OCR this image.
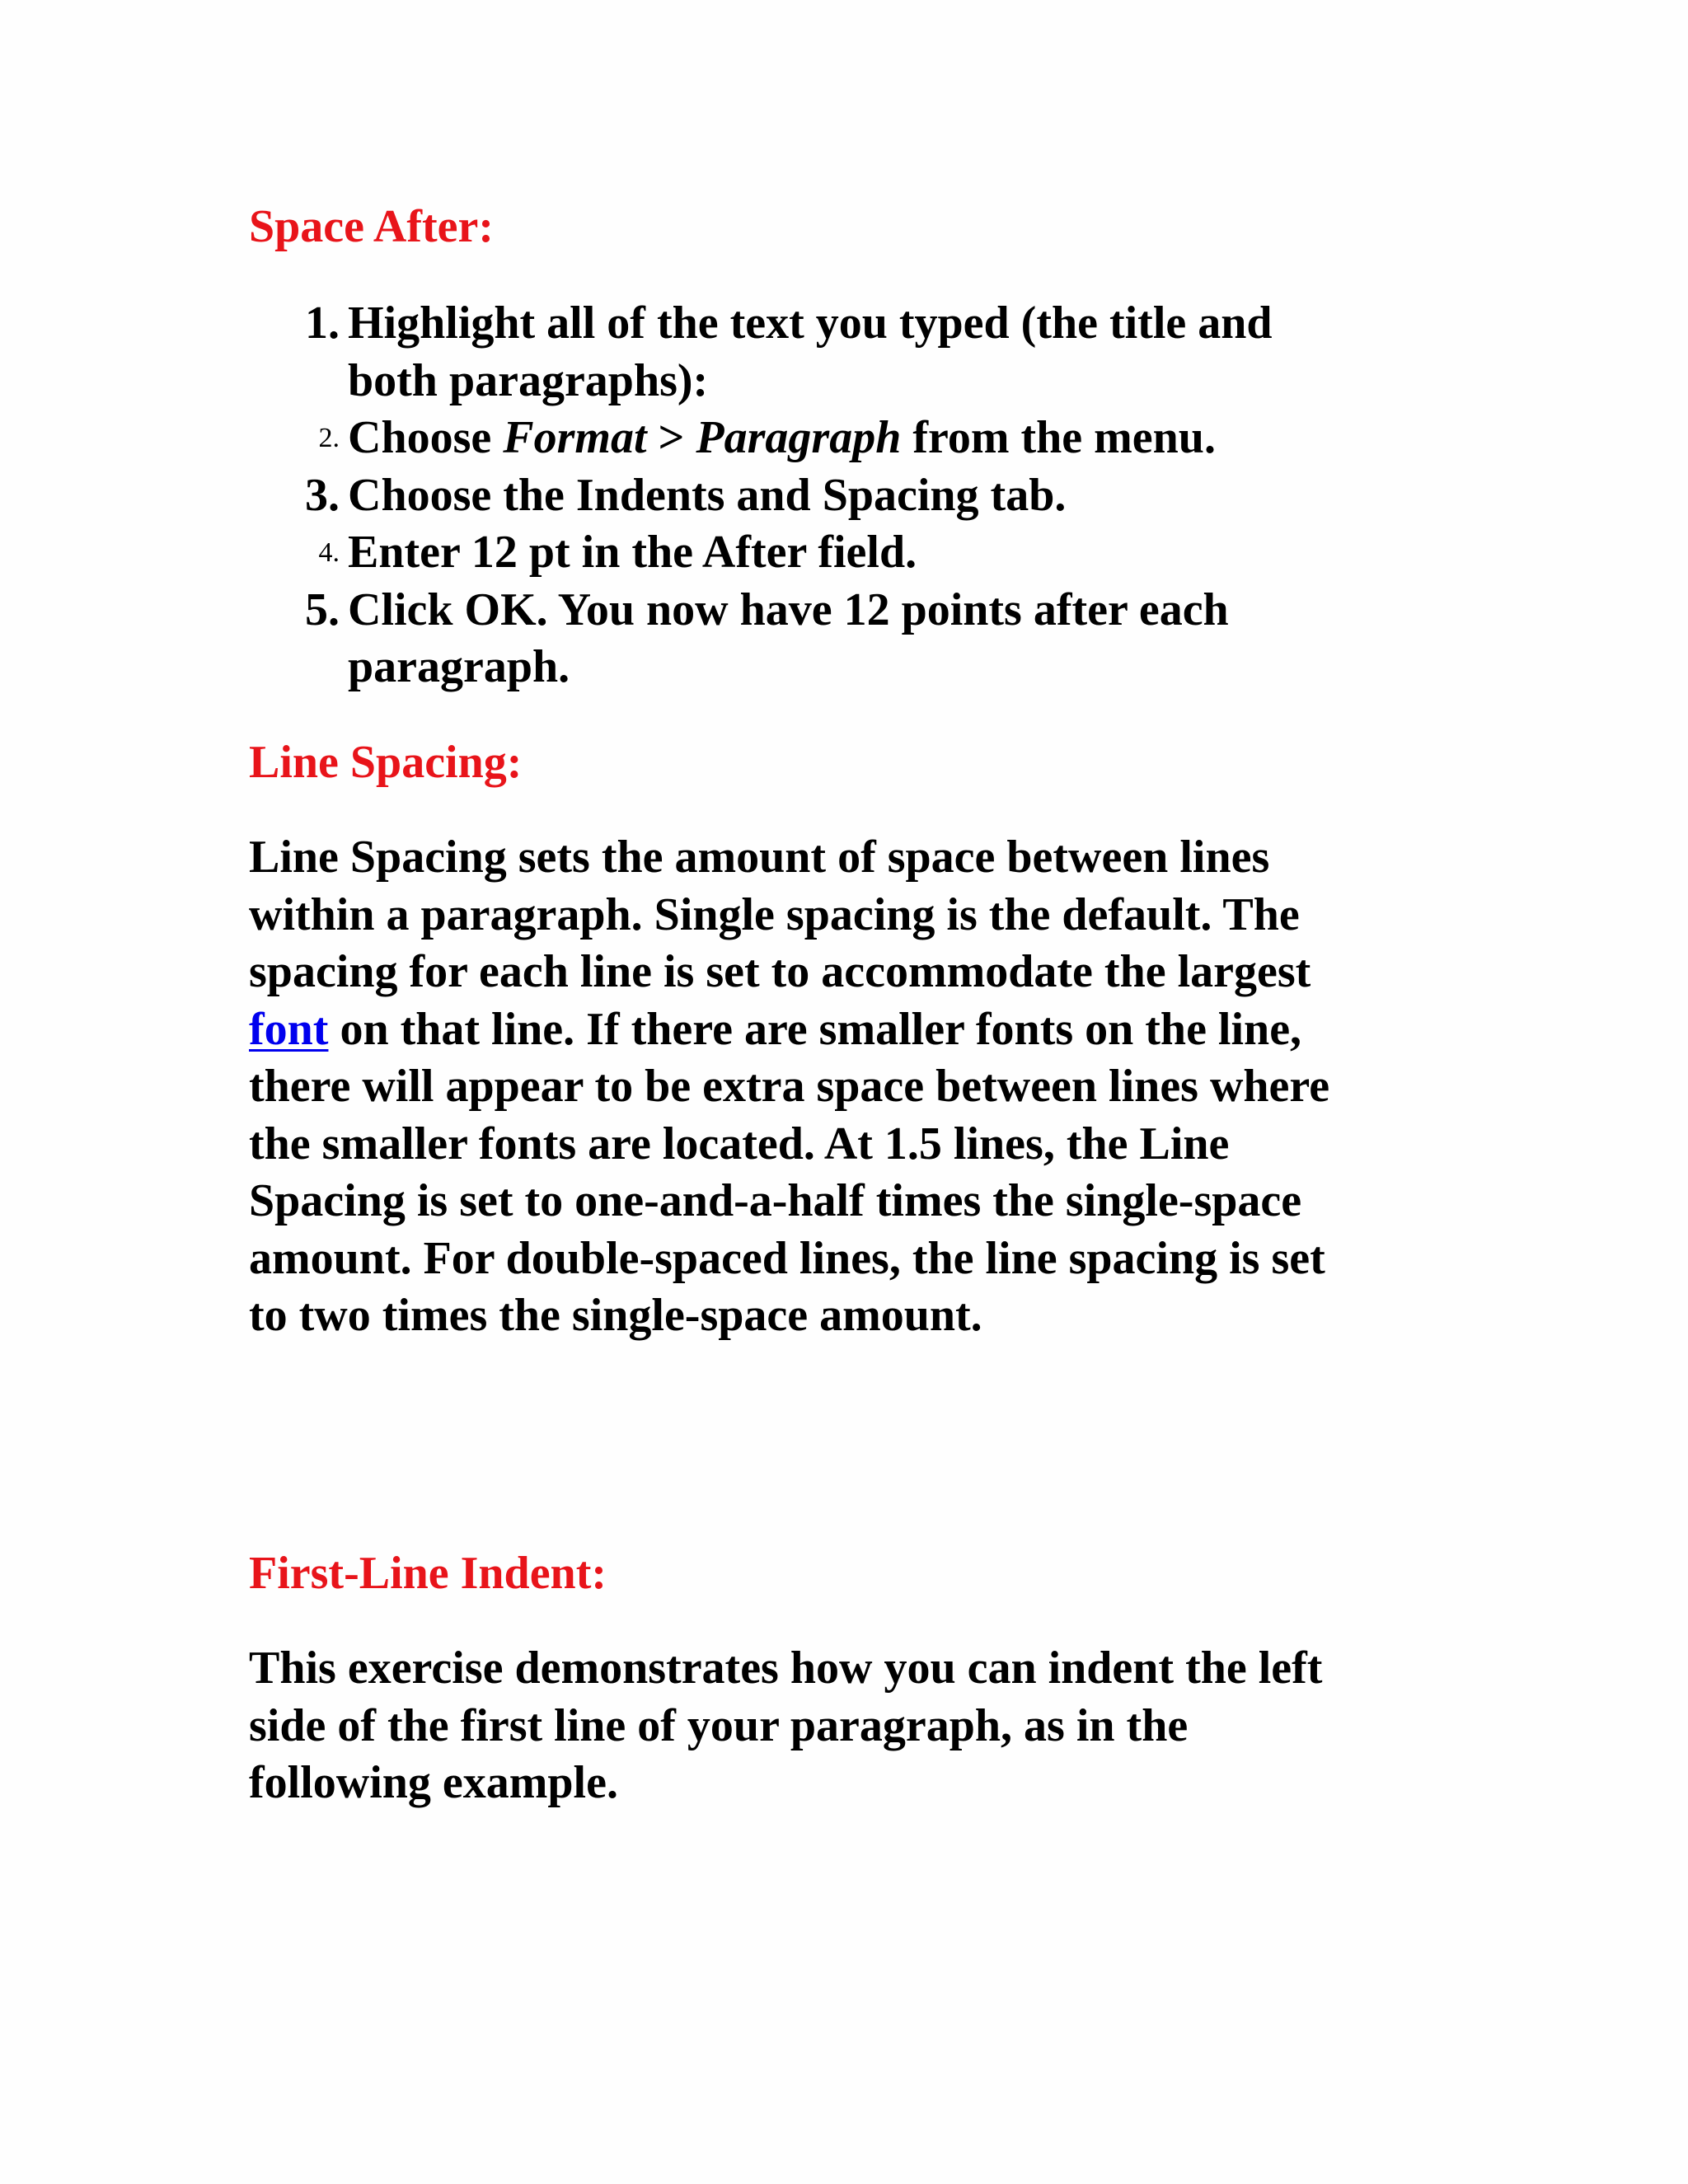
Space After:
1. Highlight all of the text you typed (the title and
both paragraphs):
2. Choose Format > Paragraph from the menu.
3. Choose the Indents and Spacing tab.
4. Enter 12 pt in the After field.
5. Click OK. You now have 12 points after each
paragraph.
Line Spacing:

Line Spacing sets the amount of space between lines
within a paragraph. Single spacing is the default. The
spacing for each line is set to accommodate the largest
font on that line. If there are smaller fonts on the line,
there will appear to be extra space between lines where
the smaller fonts are located. At 1.5 lines, the Line
Spacing is set to one-and-a-half times the single-space
amount. For double-spaced lines, the line spacing is set
to two times the single-space amount.

First-Line Indent:

This exercise demonstrates how you can indent the left
side of the first line of your paragraph, as in the
following example.
